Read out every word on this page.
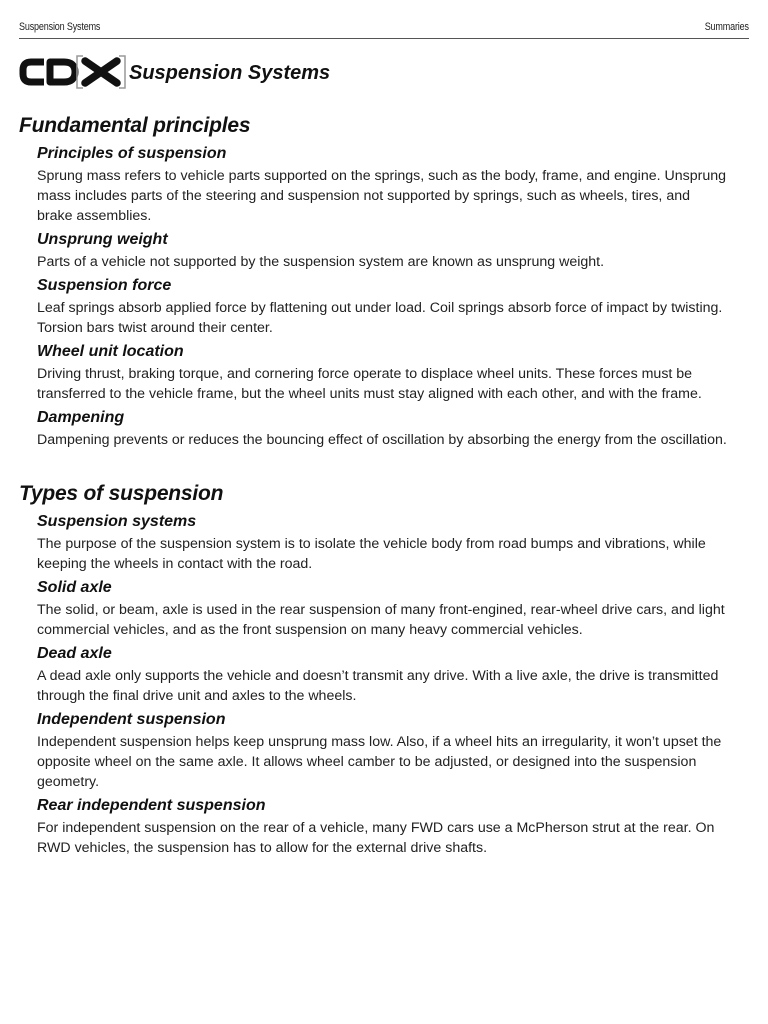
Suspension Systems	Summaries
Suspension Systems
Fundamental principles
Principles of suspension

Sprung mass refers to vehicle parts supported on the springs, such as the body, frame, and engine. Unsprung mass includes parts of the steering and suspension not supported by springs, such as wheels, tires, and brake assemblies.

Unsprung weight

Parts of a vehicle not supported by the suspension system are known as unsprung weight.

Suspension force

Leaf springs absorb applied force by flattening out under load. Coil springs absorb force of impact by twisting. Torsion bars twist around their center.

Wheel unit location

Driving thrust, braking torque, and cornering force operate to displace wheel units. These forces must be transferred to the vehicle frame, but the wheel units must stay aligned with each other, and with the frame.

Dampening

Dampening prevents or reduces the bouncing effect of oscillation by absorbing the energy from the oscillation.

Types of suspension
Suspension systems

The purpose of the suspension system is to isolate the vehicle body from road bumps and vibrations, while keeping the wheels in contact with the road.

Solid axle

The solid, or beam, axle is used in the rear suspension of many front-engined, rear-wheel drive cars, and light commercial vehicles, and as the front suspension on many heavy commercial vehicles.

Dead axle

A dead axle only supports the vehicle and doesn’t transmit any drive. With a live axle, the drive is transmitted through the final drive unit and axles to the wheels.

Independent suspension

Independent suspension helps keep unsprung mass low. Also, if a wheel hits an irregularity, it won’t upset the opposite wheel on the same axle. It allows wheel camber to be adjusted, or designed into the suspension geometry.

Rear independent suspension

For independent suspension on the rear of a vehicle, many FWD cars use a McPherson strut at the rear. On RWD vehicles, the suspension has to allow for the external drive shafts.
